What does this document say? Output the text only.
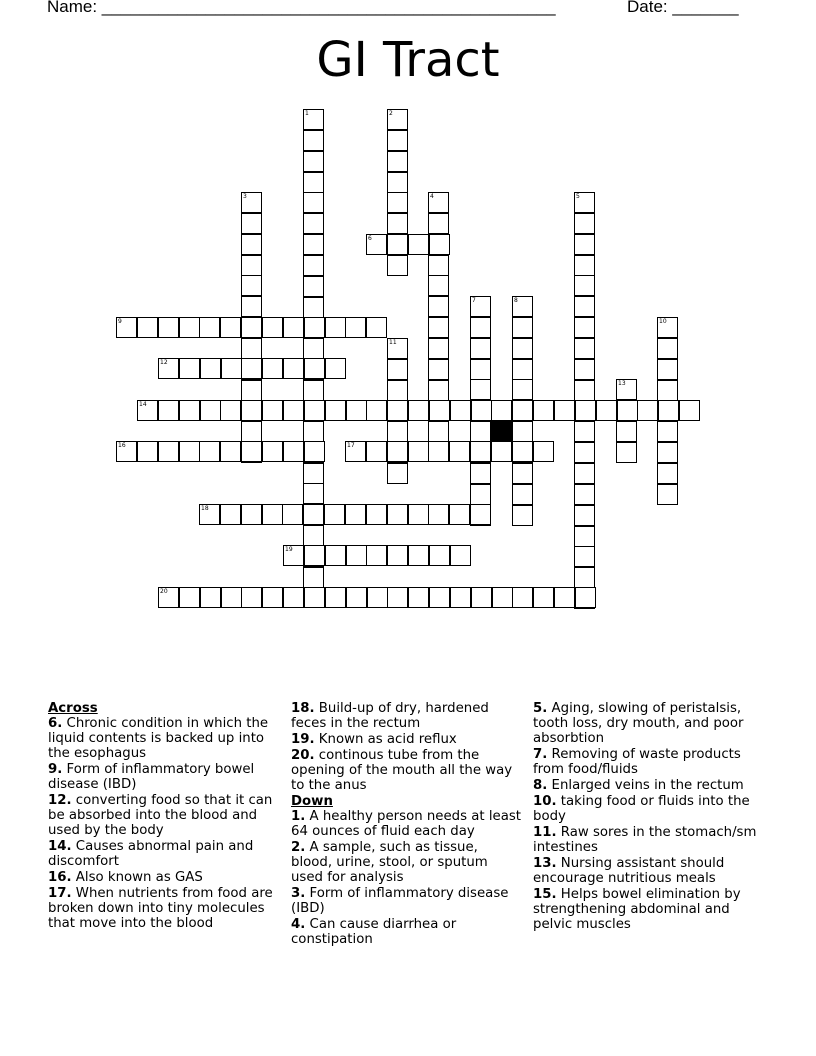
Name: ________________________________________________	Date: _______
GI Tract
1	2
3	4	5
7	8
10
11
13
6
9
12
14
16	17
18
19
20
Across
6. Chronic condition in which the liquid contents is backed up into the esophagus
9. Form of inflammatory bowel disease (IBD)
12. converting food so that it can be absorbed into the blood and used by the body
14. Causes abnormal pain and discomfort
16. Also known as GAS
17. When nutrients from food are broken down into tiny molecules that move into the blood
18. Build-up of dry, hardened feces in the rectum
19. Known as acid reflux
20. continous tube from the opening of the mouth all the way to the anus
Down
1. A healthy person needs at least 64 ounces of fluid each day
2. A sample, such as tissue, blood, urine, stool, or sputum used for analysis
3. Form of inflammatory disease (IBD)
4. Can cause diarrhea or constipation
5. Aging, slowing of peristalsis, tooth loss, dry mouth, and poor absorbtion
7. Removing of waste products from food/fluids
8. Enlarged veins in the rectum
10. taking food or fluids into the body
11. Raw sores in the stomach/sm intestines
13. Nursing assistant should encourage nutritious meals
15. Helps bowel elimination by strengthening abdominal and pelvic muscles
